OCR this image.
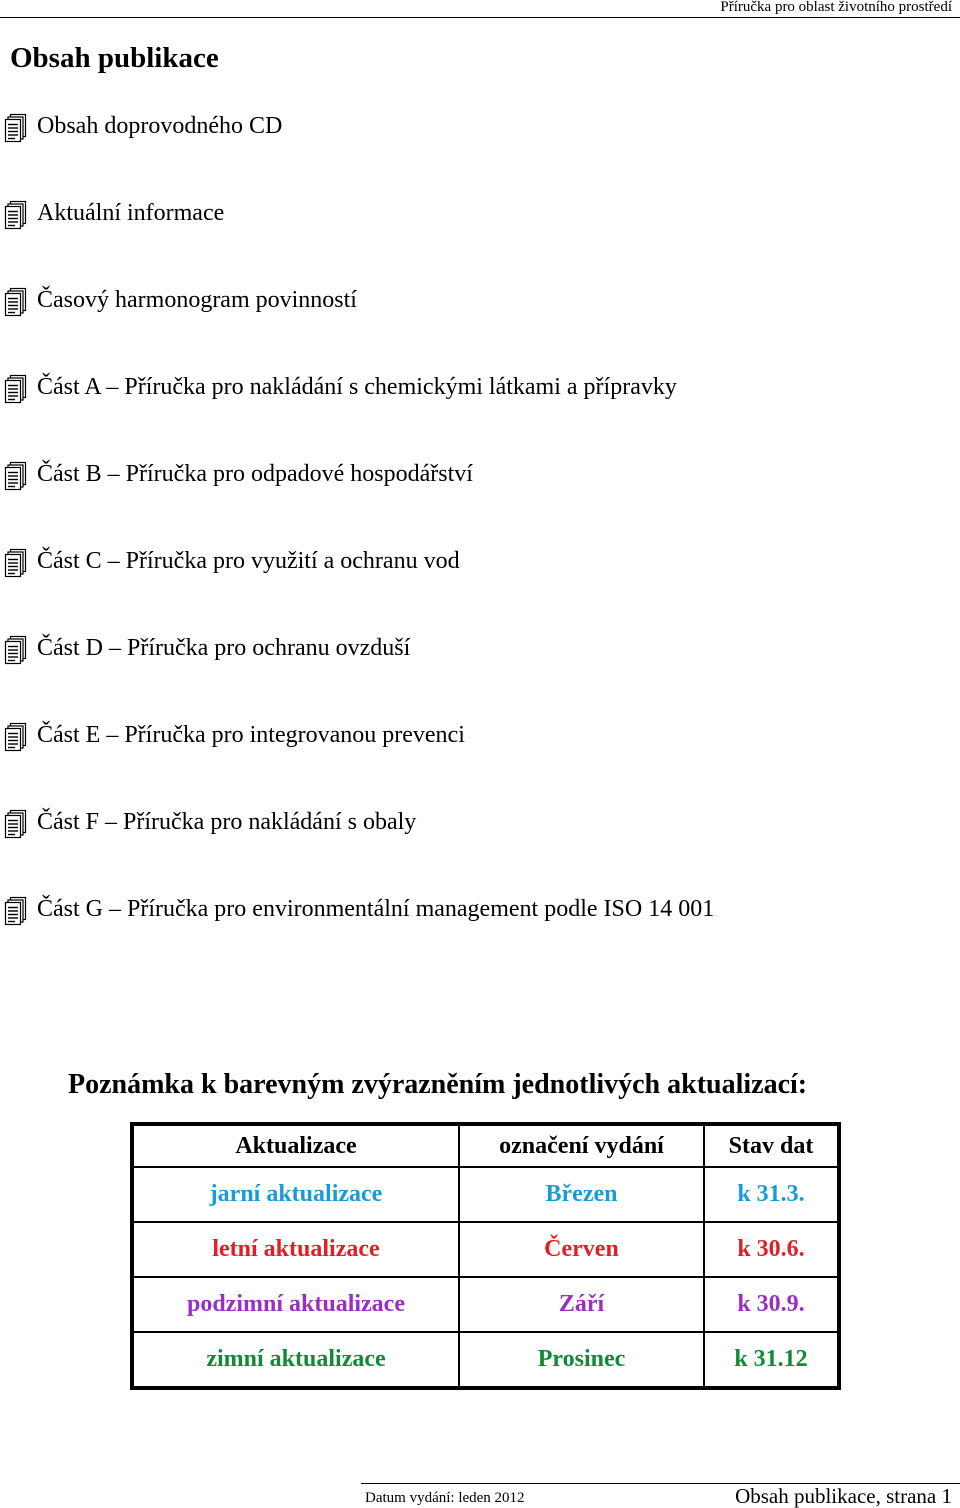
Příručka pro oblast životního prostředí
Obsah publikace
Obsah doprovodného CD
Aktuální informace
Časový harmonogram povinností
Část A – Příručka pro nakládání s chemickými látkami a přípravky
Část B – Příručka pro odpadové hospodářství
Část C – Příručka pro využití a ochranu vod
Část D – Příručka pro ochranu ovzduší
Část E – Příručka pro integrovanou prevenci
Část F – Příručka pro nakládání s obaly
Část G – Příručka pro environmentální management podle ISO 14 001
Poznámka k barevným zvýrazněním jednotlivých aktualizací:
Aktualizace	označení vydání	Stav dat
jarní aktualizace	Březen	k 31.3.
letní aktualizace	Červen	k 30.6.
podzimní aktualizace	Září	k 30.9.
zimní aktualizace	Prosinec	k 31.12
Datum vydání: leden 2012	Obsah publikace, strana 1
